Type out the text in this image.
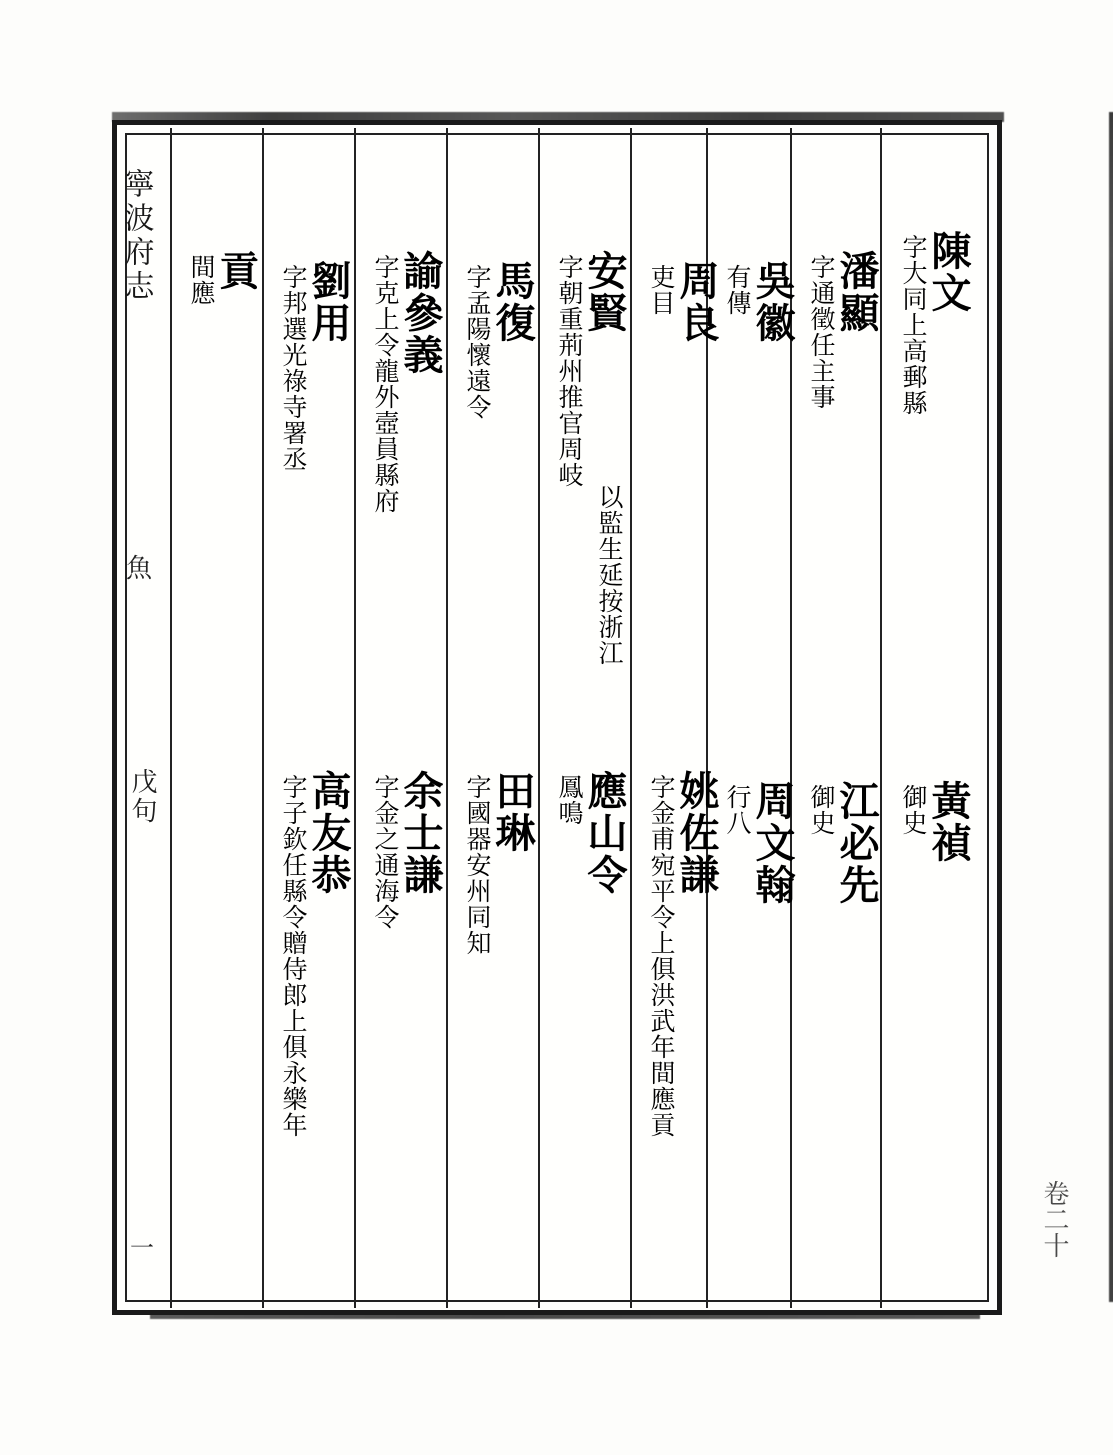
寧波府志
魚
戊句
一	卷二十
陳文
字大同上高郵縣
黃禎
御史
潘顯
字通徵任主事
江必先
御史
吳徽
有傳
周文翰
行八
周良
吏目
姚佐謙
字金甫宛平令上俱洪武年間應貢
安賢
字朝重荊州推官周岐
以監生延按浙江
應山令
鳳鳴
馬復
字孟陽懷遠令
田琳
字國器安州同知
諭參義
字克上令龍外壼員縣府
余士謙
字金之通海令
劉用
字邦選光祿寺署丞
高友恭
字子欽任縣令贈侍郎上俱永樂年
貢
間應
